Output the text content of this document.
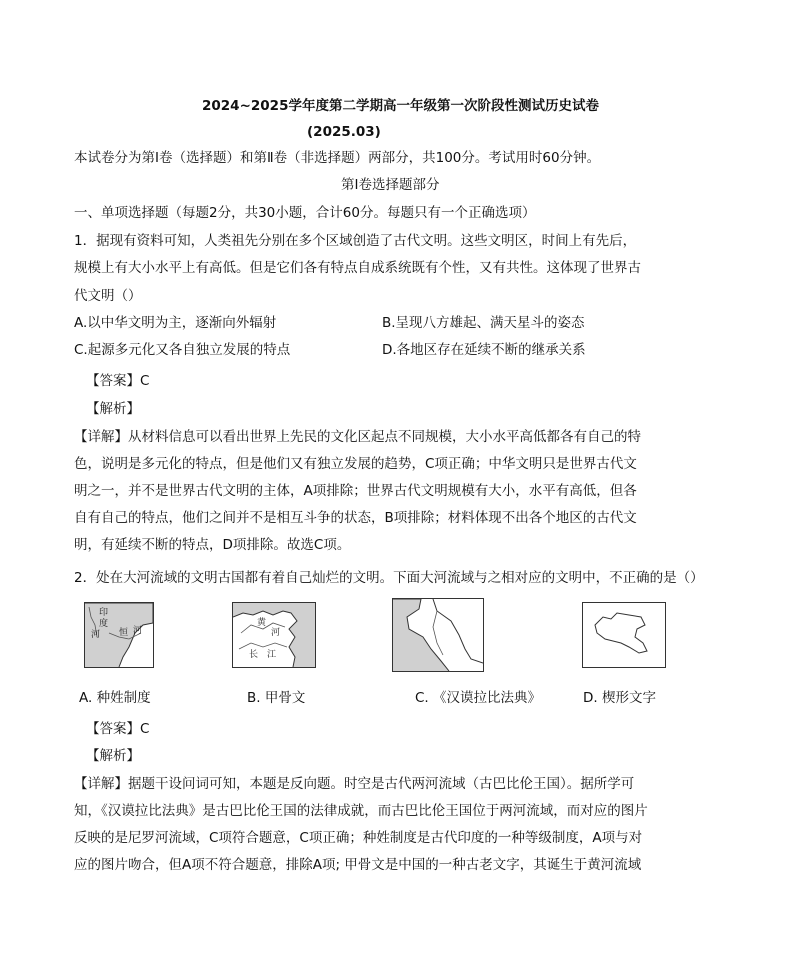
2024~2025学年度第二学期高一年级第一次阶段性测试历史试卷
(2025.03)
本试卷分为第Ⅰ卷（选择题）和第Ⅱ卷（非选择题）两部分，共100分。考试用时60分钟。
第Ⅰ卷选择题部分
一、单项选择题（每题2分，共30小题，合计60分。每题只有一个正确选项）
1．据现有资料可知，人类祖先分别在多个区域创造了古代文明。这些文明区，时间上有先后，
规模上有大小水平上有高低。但是它们各有特点自成系统既有个性，又有共性。这体现了世界古
代文明（）
A.以中华文明为主，逐渐向外辐射	B.呈现八方雄起、满天星斗的姿态
C.起源多元化又各自独立发展的特点	D.各地区存在延续不断的继承关系
【答案】C
【解析】
【详解】从材料信息可以看出世界上先民的文化区起点不同规模，大小水平高低都各有自己的特
色，说明是多元化的特点，但是他们又有独立发展的趋势，C项正确；中华文明只是世界古代文
明之一，并不是世界古代文明的主体，A项排除；世界古代文明规模有大小，水平有高低，但各
自有自己的特点，他们之间并不是相互斗争的状态，B项排除；材料体现不出各个地区的古代文
明，有延续不断的特点，D项排除。故选C项。
2．处在大河流域的文明古国都有着自己灿烂的文明。下面大河流域与之相对应的文明中，不正确的是（）
印
度
河 恒 河
黄
河
长 江
A. 种姓制度	B. 甲骨文	C. 《汉谟拉比法典》	D. 楔形文字
【答案】C
【解析】
【详解】据题干设问词可知，本题是反向题。时空是古代两河流域（古巴比伦王国）。据所学可
知，《汉谟拉比法典》是古巴比伦王国的法律成就，而古巴比伦王国位于两河流域，而对应的图片
反映的是尼罗河流域，C项符合题意，C项正确；种姓制度是古代印度的一种等级制度，A项与对
应的图片吻合，但A项不符合题意，排除A项; 甲骨文是中国的一种古老文字，其诞生于黄河流域
